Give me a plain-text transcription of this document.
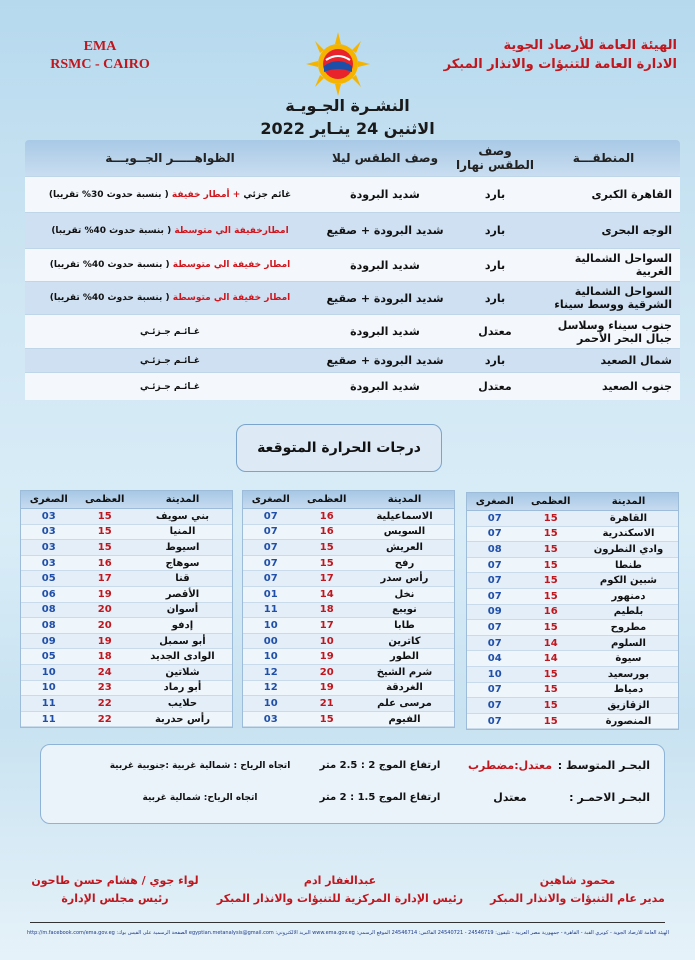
EMA
RSMC - CAIRO
الهيئة العامة للأرصاد الجوية
الادارة العامة للتنبؤات والانذار المبكر
النشـرة الجـويـة
الاثنين 24 ينـاير 2022
المنطقـــة
وصف الطقس نهارا
وصف الطقس ليلا
الظواهـــــر الجــويـــة
القاهرة الكبرى
بارد
شديد البرودة
غائم جزئي + أمطار خفيفة ( بنسبة حدوث 30% تقريبا)
الوجه البحرى
بارد
شديد البرودة + صقيع
امطارخفيفة الي متوسطة ( بنسبة حدوث 40% تقريبا)
السواحل الشمالية الغربية
بارد
شديد البرودة
امطار خفيفة الي متوسطة ( بنسبة حدوث 40% تقريبا)
السواحل الشمالية الشرقية ووسط سيناء
بارد
شديد البرودة + صقيع
امطار خفيفة الي متوسطة ( بنسبة حدوث 40% تقريبا)
جنوب سيناء وسلاسل جبال البحر الأحمر
معتدل
شديد البرودة
غـائـم جـزئـي
شمال الصعيد
بارد
شديد البرودة + صقيع
غـائـم جـزئـي
جنوب الصعيد
معتدل
شديد البرودة
غـائـم جـزئـي
درجات الحرارة المتوقعة
المدينة
العظمى
الصغرى
القاهرة
15
07
الاسكندرية
15
07
وادي النطرون
15
08
طنطا
15
07
شبين الكوم
15
07
دمنهور
15
07
بلطيم
16
09
مطروح
15
07
السلوم
14
07
سيوة
14
04
بورسعيد
15
10
دمياط
15
07
الزقازيق
15
07
المنصورة
15
07
المدينة
العظمى
الصغرى
الاسماعيلية
16
07
السويس
16
07
العريش
15
07
رفح
15
07
رأس سدر
17
07
نخل
14
01
نويبع
18
11
طابا
17
10
كاترين
10
00
الطور
19
10
شرم الشيخ
20
12
الغردقة
19
12
مرسى علم
21
10
الفيوم
15
03
المدينة
العظمى
الصغرى
بني سويف
15
03
المنيا
15
03
اسيوط
15
03
سوهاج
16
03
قنا
17
05
الأقصر
19
06
أسوان
20
08
إدفو
20
08
أبو سمبل
19
09
الوادى الجديد
18
05
شلاتين
24
10
أبو رماد
23
10
حلايب
22
11
رأس حدربة
22
11
البحـر المتوسط :
معتدل:مضطرب
ارتفاع الموج 2 : 2.5 متر
اتجاه الرياح : شمالية غربية :جنوبية غربية
البحـر الاحمـر :
معتدل
ارتفاع الموج 1.5 : 2 متر
اتجاه الرياح: شمالية غربية
محمود شاهين
مدير عام التنبؤات والانذار المبكر
عبدالغفار ادم
رئيس الإدارة المركزية للتنبؤات والانذار المبكر
لواء جوي / هشام حسن طاحون
رئيس مجلس الإدارة
الهيئة العامة للأرصاد الجوية - كوبري القبة - القاهرة - جمهورية مصر العربية - تليفون: 24546719 - 24540721 الفاكس: 24546714 الموقع الرسمي: www.ema.gov.eg البريد الالكتروني: egyptian.metanalysis@gmail.com الصفحة الرسمية على الفيس بوك: http://m.facebook.com/ema.gov.eg
